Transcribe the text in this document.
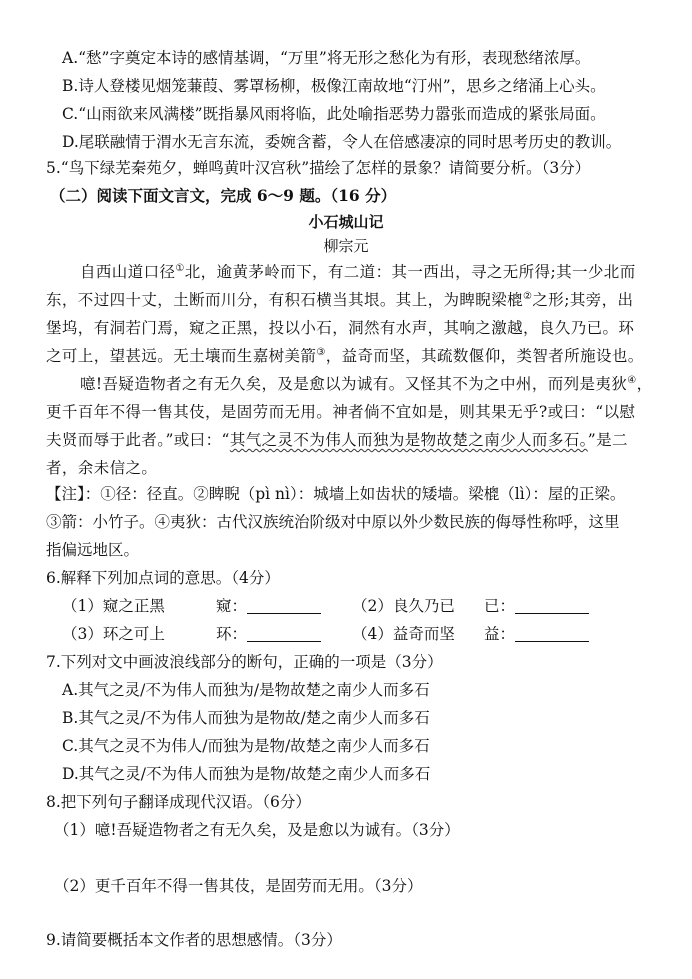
A.“愁”字奠定本诗的感情基调，“万里”将无形之愁化为有形，表现愁绪浓厚。
B.诗人登楼见烟笼蒹葭、雾罩杨柳，极像江南故地“汀州”，思乡之绪涌上心头。
C.“山雨欲来风满楼”既指暴风雨将临，此处喻指恶势力嚣张而造成的紧张局面。
D.尾联融情于渭水无言东流，委婉含蓄，令人在倍感凄凉的同时思考历史的教训。
5.“鸟下绿芜秦苑夕，蝉鸣黄叶汉宫秋”描绘了怎样的景象？请简要分析。（3分）
（二）阅读下面文言文，完成 6～9 题。（16 分）
小石城山记
柳宗元
自西山道口径①北，逾黄茅岭而下，有二道：其一西出，寻之无所得;其一少北而
东，不过四十丈，土断而川分，有积石横当其垠。其上，为睥睨梁㮰②之形;其旁，出
堡坞，有洞若门焉，窥之正黑，投以小石，洞然有水声，其响之激越，良久乃已。环
之可上，望甚远。无土壤而生嘉树美箭③，益奇而坚，其疏数偃仰，类智者所施设也。
噫!吾疑造物者之有无久矣，及是愈以为诚有。又怪其不为之中州，而列是夷狄④，
更千百年不得一售其伎，是固劳而无用。神者倘不宜如是，则其果无乎?或曰：“以慰
夫贤而辱于此者。”或曰：“其气之灵不为伟人而独为是物故楚之南少人而多石。”是二
者，余未信之。
【注】：①径：径直。②睥睨（pì nì）：城墙上如齿状的矮墙。梁㮰（lì）：屋的正梁。
③箭：小竹子。④夷狄：古代汉族统治阶级对中原以外少数民族的侮辱性称呼，这里
指偏远地区。
6.解释下列加点词的意思。（4分）
（1）窥之正黑	窥：	（2）良久乃已 已：
（3）环之可上	环：	（4）益奇而坚 益：
7.下列对文中画波浪线部分的断句，正确的一项是（3分）
A.其气之灵/不为伟人而独为/是物故楚之南少人而多石
B.其气之灵/不为伟人而独为是物故/楚之南少人而多石
C.其气之灵不为伟人/而独为是物/故楚之南少人而多石
D.其气之灵/不为伟人而独为是物/故楚之南少人而多石
8.把下列句子翻译成现代汉语。（6分）
（1）噫!吾疑造物者之有无久矣，及是愈以为诚有。（3分）
（2）更千百年不得一售其伎，是固劳而无用。（3分）
9.请简要概括本文作者的思想感情。（3分）
